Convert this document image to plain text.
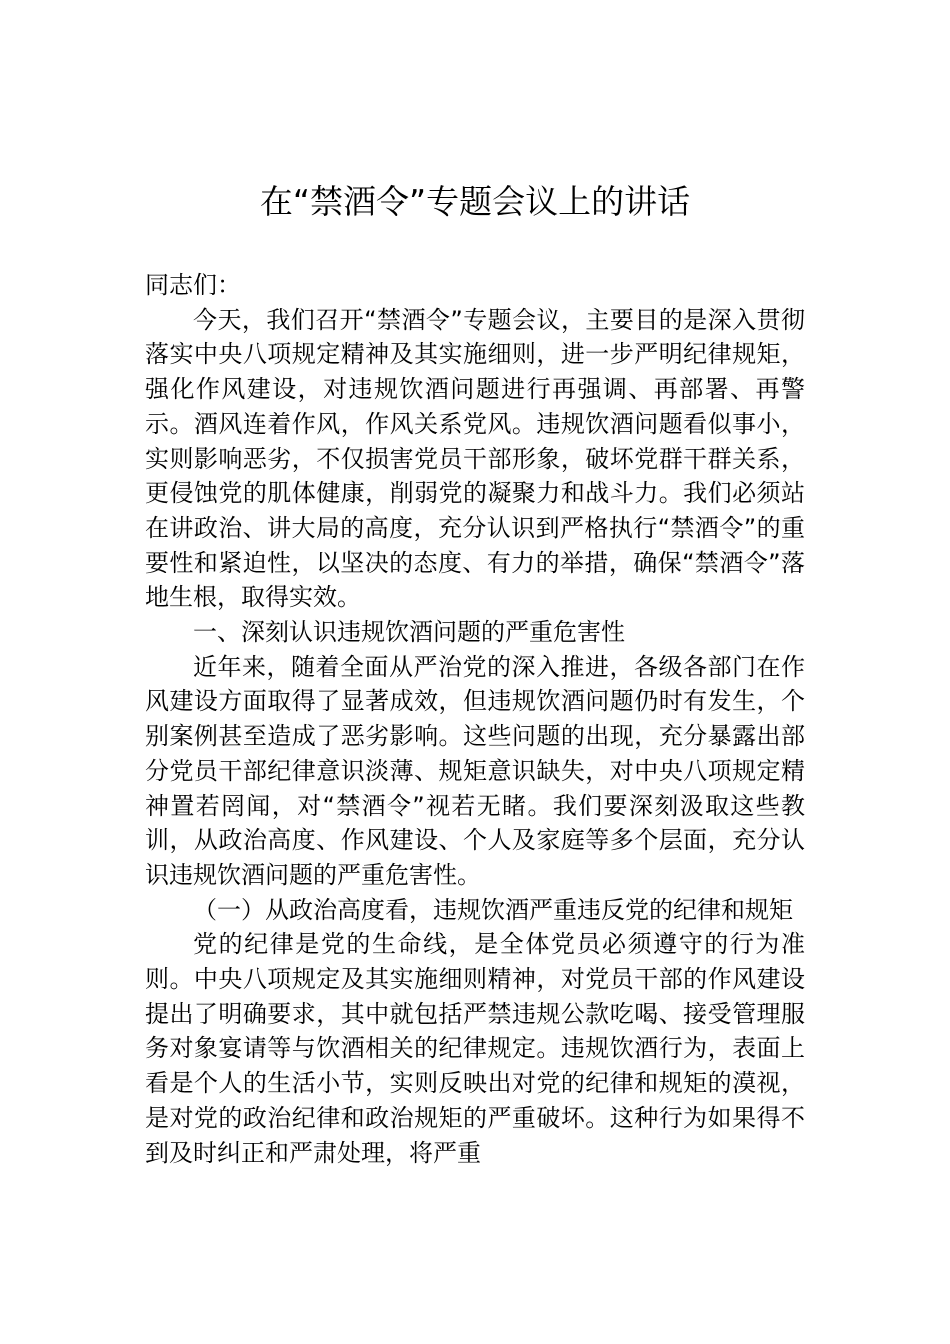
在“禁酒令”专题会议上的讲话

同志们：

今天，我们召开“禁酒令”专题会议，主要目的是深入贯彻落实中央八项规定精神及其实施细则，进一步严明纪律规矩，强化作风建设，对违规饮酒问题进行再强调、再部署、再警示。酒风连着作风，作风关系党风。违规饮酒问题看似事小，实则影响恶劣，不仅损害党员干部形象，破坏党群干群关系，更侵蚀党的肌体健康，削弱党的凝聚力和战斗力。我们必须站在讲政治、讲大局的高度，充分认识到严格执行“禁酒令”的重要性和紧迫性，以坚决的态度、有力的举措，确保“禁酒令”落地生根，取得实效。

一、深刻认识违规饮酒问题的严重危害性

近年来，随着全面从严治党的深入推进，各级各部门在作风建设方面取得了显著成效，但违规饮酒问题仍时有发生，个别案例甚至造成了恶劣影响。这些问题的出现，充分暴露出部分党员干部纪律意识淡薄、规矩意识缺失，对中央八项规定精神置若罔闻，对“禁酒令”视若无睹。我们要深刻汲取这些教训，从政治高度、作风建设、个人及家庭等多个层面，充分认识违规饮酒问题的严重危害性。

（一）从政治高度看，违规饮酒严重违反党的纪律和规矩

党的纪律是党的生命线，是全体党员必须遵守的行为准则。中央八项规定及其实施细则精神，对党员干部的作风建设提出了明确要求，其中就包括严禁违规公款吃喝、接受管理服务对象宴请等与饮酒相关的纪律规定。违规饮酒行为，表面上看是个人的生活小节，实则反映出对党的纪律和规矩的漠视，是对党的政治纪律和政治规矩的严重破坏。这种行为如果得不到及时纠正和严肃处理，将严重
